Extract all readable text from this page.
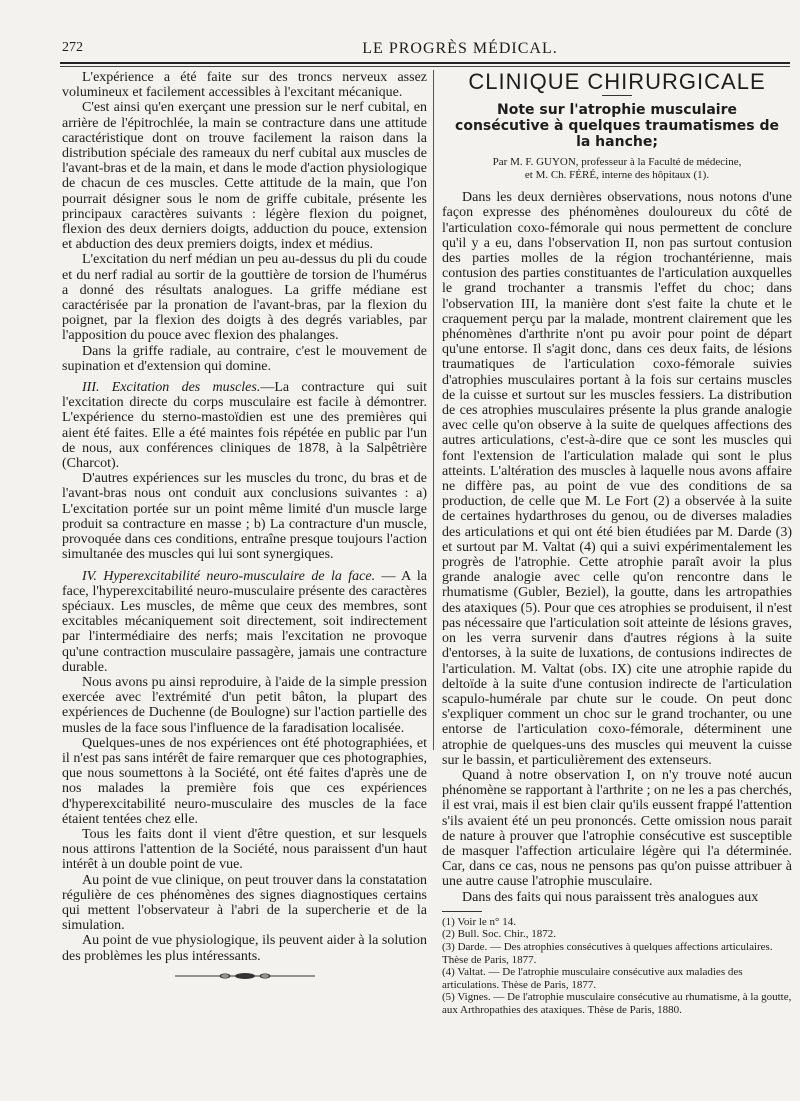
272	LE PROGRÈS MÉDICAL.

L'expérience a été faite sur des troncs nerveux assez volumineux et facilement accessibles à l'excitant mécanique.

C'est ainsi qu'en exerçant une pression sur le nerf cubital, en arrière de l'épitrochlée, la main se contracture dans une attitude caractéristique dont on trouve facilement la raison dans la distribution spéciale des rameaux du nerf cubital aux muscles de l'avant-bras et de la main, et dans le mode d'action physiologique de chacun de ces muscles. Cette attitude de la main, que l'on pourrait désigner sous le nom de griffe cubitale, présente les principaux caractères suivants : légère flexion du poignet, flexion des deux derniers doigts, adduction du pouce, extension et abduction des deux premiers doigts, index et médius.

L'excitation du nerf médian un peu au-dessus du pli du coude et du nerf radial au sortir de la gouttière de torsion de l'humérus a donné des résultats analogues. La griffe médiane est caractérisée par la pronation de l'avant-bras, par la flexion du poignet, par la flexion des doigts à des degrés variables, par l'apposition du pouce avec flexion des phalanges.

Dans la griffe radiale, au contraire, c'est le mouvement de supination et d'extension qui domine.

III. Excitation des muscles.—La contracture qui suit l'excitation directe du corps musculaire est facile à démontrer. L'expérience du sterno-mastoïdien est une des premières qui aient été faites. Elle a été maintes fois répétée en public par l'un de nous, aux conférences cliniques de 1878, à la Salpêtrière (Charcot).

D'autres expériences sur les muscles du tronc, du bras et de l'avant-bras nous ont conduit aux conclusions suivantes : a) L'excitation portée sur un point même limité d'un muscle large produit sa contracture en masse ; b) La contracture d'un muscle, provoquée dans ces conditions, entraîne presque toujours l'action simultanée des muscles qui lui sont synergiques.

IV. Hyperexcitabilité neuro-musculaire de la face. — A la face, l'hyperexcitabilité neuro-musculaire présente des caractères spéciaux. Les muscles, de même que ceux des membres, sont excitables mécaniquement soit directement, soit indirectement par l'intermédiaire des nerfs; mais l'excitation ne provoque qu'une contraction musculaire passagère, jamais une contracture durable.

Nous avons pu ainsi reproduire, à l'aide de la simple pression exercée avec l'extrémité d'un petit bâton, la plupart des expériences de Duchenne (de Boulogne) sur l'action partielle des musles de la face sous l'influence de la faradisation localisée.

Quelques-unes de nos expériences ont été photographiées, et il n'est pas sans intérêt de faire remarquer que ces photographies, que nous soumettons à la Société, ont été faites d'après une de nos malades la première fois que ces expériences d'hyperexcitabilité neuro-musculaire des muscles de la face étaient tentées chez elle.

Tous les faits dont il vient d'être question, et sur lesquels nous attirons l'attention de la Société, nous paraissent d'un haut intérêt à un double point de vue.

Au point de vue clinique, on peut trouver dans la constatation régulière de ces phénomènes des signes diagnostiques certains qui mettent l'observateur à l'abri de la supercherie et de la simulation.

Au point de vue physiologique, ils peuvent aider à la solution des problèmes les plus intéressants.

CLINIQUE CHIRURGICALE
Note sur l'atrophie musculaire consécutive à quelques traumatismes de la hanche;
Par M. F. GUYON, professeur à la Faculté de médecine,
et M. Ch. FÉRÉ, interne des hôpitaux (1).

Dans les deux dernières observations, nous notons d'une façon expresse des phénomènes douloureux du côté de l'articulation coxo-fémorale qui nous permettent de conclure qu'il y a eu, dans l'observation II, non pas surtout contusion des parties molles de la région trochantérienne, mais contusion des parties constituantes de l'articulation auxquelles le grand trochanter a transmis l'effet du choc; dans l'observation III, la manière dont s'est faite la chute et le craquement perçu par la malade, montrent clairement que les phénomènes d'arthrite n'ont pu avoir pour point de départ qu'une entorse. Il s'agit donc, dans ces deux faits, de lésions traumatiques de l'articulation coxo-fémorale suivies d'atrophies musculaires portant à la fois sur certains muscles de la cuisse et surtout sur les muscles fessiers. La distribution de ces atrophies musculaires présente la plus grande analogie avec celle qu'on observe à la suite de quelques affections des autres articulations, c'est-à-dire que ce sont les muscles qui font l'extension de l'articulation malade qui sont le plus atteints. L'altération des muscles à laquelle nous avons affaire ne diffère pas, au point de vue des conditions de sa production, de celle que M. Le Fort (2) a observée à la suite de certaines hydarthroses du genou, ou de diverses maladies des articulations et qui ont été bien étudiées par M. Darde (3) et surtout par M. Valtat (4) qui a suivi expérimentalement les progrès de l'atrophie. Cette atrophie paraît avoir la plus grande analogie avec celle qu'on rencontre dans le rhumatisme (Gubler, Beziel), la goutte, dans les artropathies des ataxiques (5). Pour que ces atrophies se produisent, il n'est pas nécessaire que l'articulation soit atteinte de lésions graves, on les verra survenir dans d'autres régions à la suite d'entorses, à la suite de luxations, de contusions indirectes de l'articulation. M. Valtat (obs. IX) cite une atrophie rapide du deltoïde à la suite d'une contusion indirecte de l'articulation scapulo-humérale par chute sur le coude. On peut donc s'expliquer comment un choc sur le grand trochanter, ou une entorse de l'articulation coxo-fémorale, déterminent une atrophie de quelques-uns des muscles qui meuvent la cuisse sur le bassin, et particulièrement des extenseurs.

Quand à notre observation I, on n'y trouve noté aucun phénomène se rapportant à l'arthrite ; on ne les a pas cherchés, il est vrai, mais il est bien clair qu'ils eussent frappé l'attention s'ils avaient été un peu prononcés. Cette omission nous parait de nature à prouver que l'atrophie consécutive est susceptible de masquer l'affection articulaire légère qui l'a déterminée. Car, dans ce cas, nous ne pensons pas qu'on puisse attribuer à une autre cause l'atrophie musculaire.

Dans des faits qui nous paraissent très analogues aux

(1) Voir le n° 14.
(2) Bull. Soc. Chir., 1872.
(3) Darde. — Des atrophies consécutives à quelques affections articulaires. Thèse de Paris, 1877.
(4) Valtat. — De l'atrophie musculaire consécutive aux maladies des articulations. Thèse de Paris, 1877.
(5) Vignes. — De l'atrophie musculaire consécutive au rhumatisme, à la goutte, aux Arthropathies des ataxiques. Thèse de Paris, 1880.
